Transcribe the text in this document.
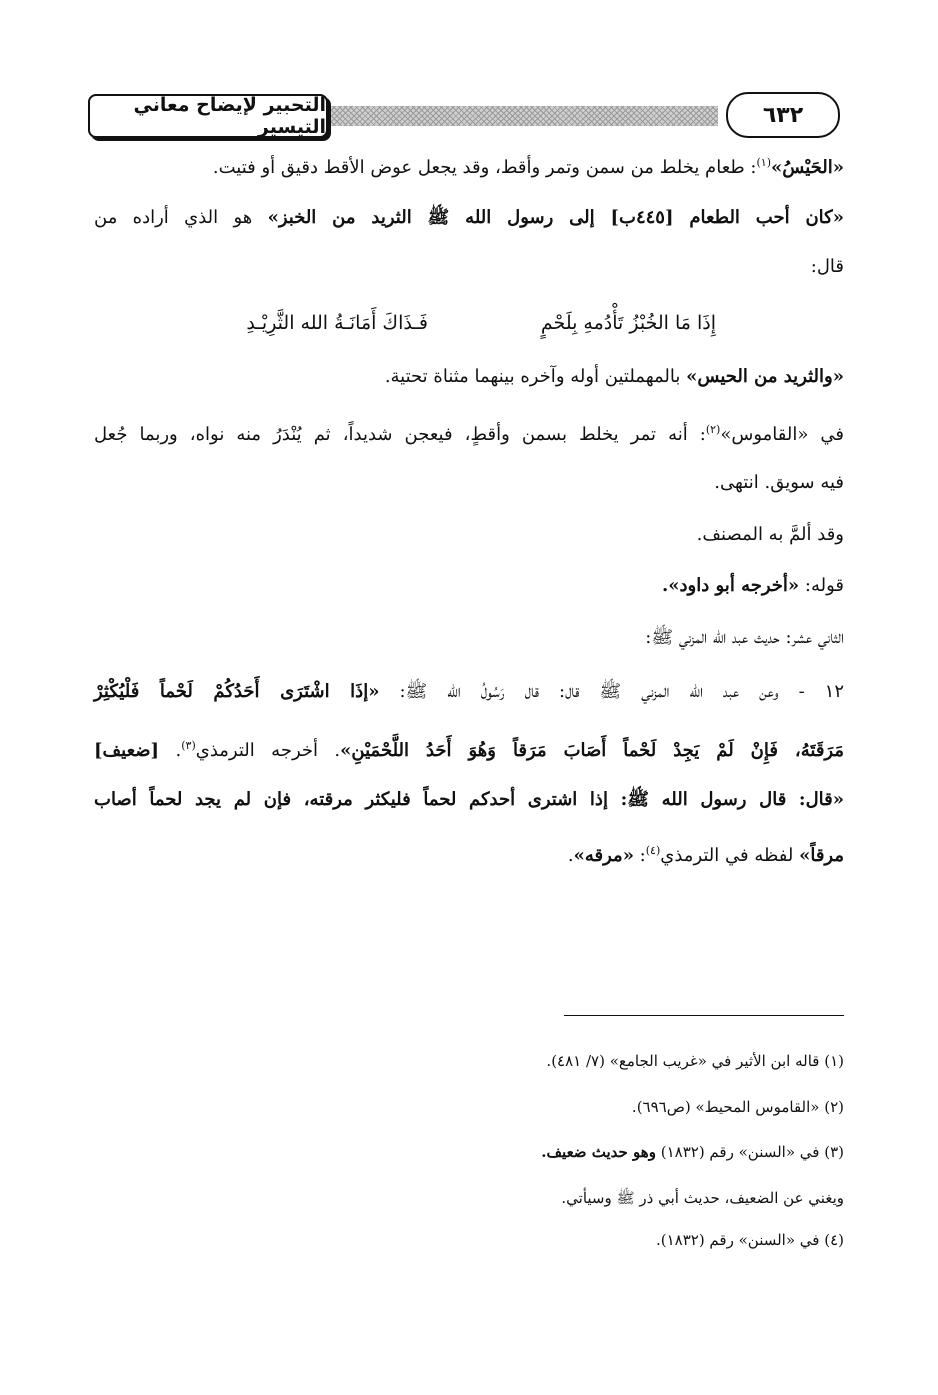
التحبير لإيضاح معاني التيسير	٦٣٢
«الحَيْسُ»$^{(١)}$: طعام يخلط من سمن وتمر وأقط، وقد يجعل عوض الأقط دقيق أو فتيت.
«كان أحب الطعام [٤٤٥ب] إلى رسول الله ﷺ الثريد من الخبز» هو الذي أراده من
قال:
إِذَا مَا الخُبْزُ تَأْدُمهِ بِلَحْمٍ
فَـذَاكَ أَمَانَـةُ الله الثَّرِيْـدِ
«والثريد من الحيس» بالمهملتين أوله وآخره بينهما مثناة تحتية.
في «القاموس»$^{(٢)}$: أنه تمر يخلط بسمن وأقطٍ، فيعجن شديداً، ثم يُنْدَرُ منه نواه، وربما جُعل
فيه سويق. انتهى.
وقد ألمَّ به المصنف.
قوله: «أخرجه أبو داود».
الثاني عشر: حديث عبد الله المزني ﷺ:
١٢ - وعن عبد الله المزني ﷺ قال: قال رَسُولُ الله ﷺ: «إذَا اشْتَرَى أَحَدُكُمْ لَحْماً فَلْيُكْثِرْ
مَرَقَتَهُ، فَإِنْ لَمْ يَجِدْ لَحْماً أَصَابَ مَرَقاً وَهُوَ أَحَدُ اللَّحْمَيْنِ». أخرجه الترمذي$^{(٣)}$. [ضعيف]
«قال: قال رسول الله ﷺ: إذا اشترى أحدكم لحماً فليكثر مرقته، فإن لم يجد لحماً أصاب
مرقاً» لفظه في الترمذي$^{(٤)}$: «مرقه».
(١) قاله ابن الأثير في «غريب الجامع» (٧/ ٤٨١).
(٢) «القاموس المحيط» (ص٦٩٦).
(٣) في «السنن» رقم (١٨٣٢) وهو حديث ضعيف.
ويغني عن الضعيف، حديث أبي ذر ﷺ وسيأتي.
(٤) في «السنن» رقم (١٨٣٢).
